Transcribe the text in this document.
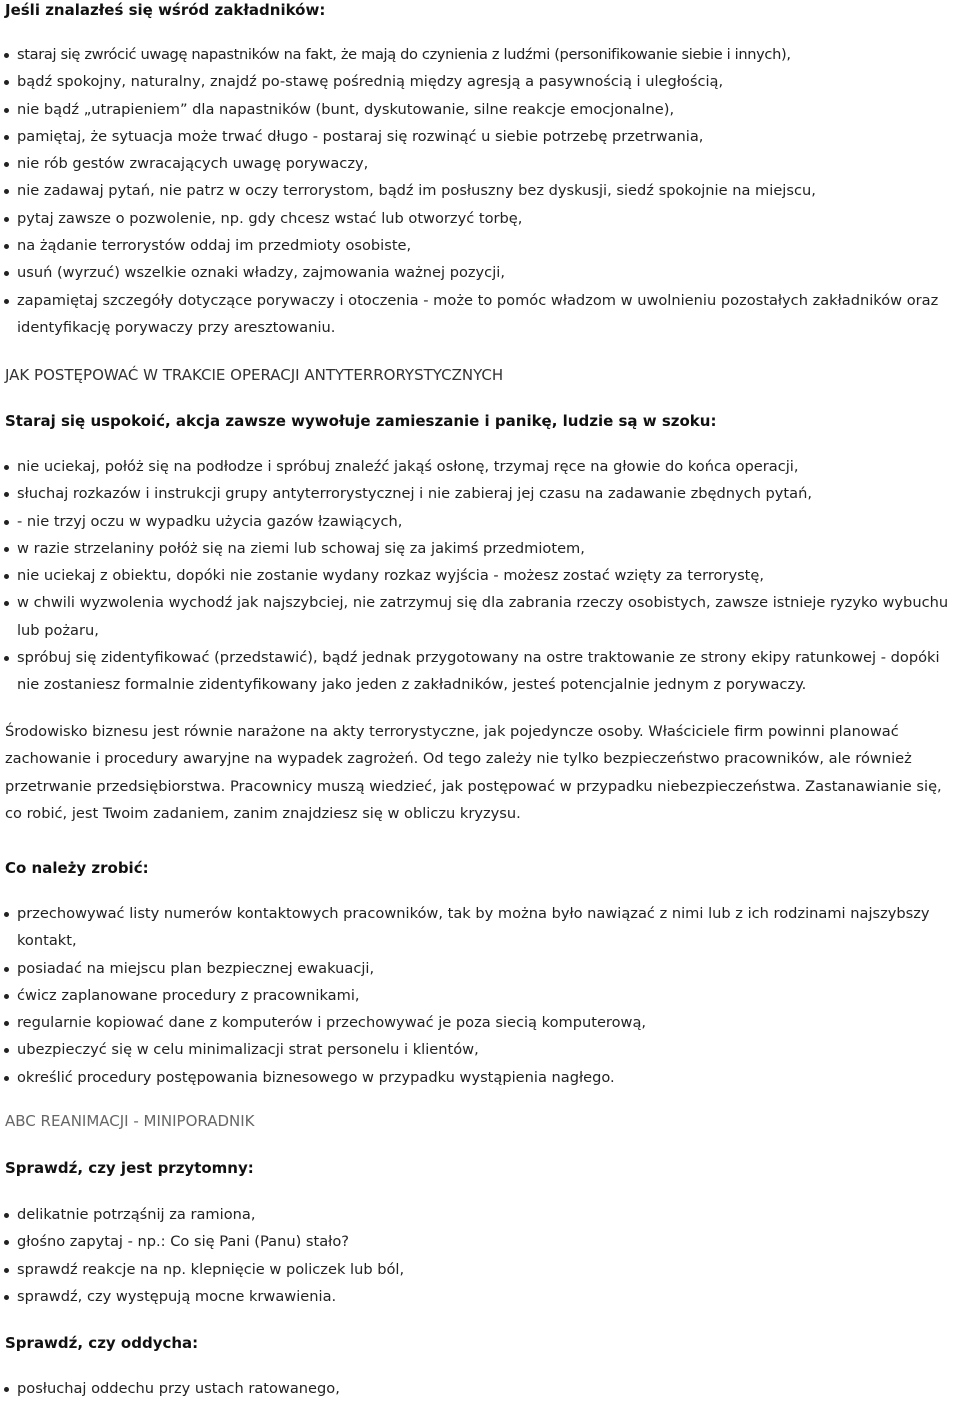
Jeśli znalazłeś się wśród zakładników:
staraj się zwrócić uwagę napastników na fakt, że mają do czynienia z ludźmi (personifikowanie siebie i innych),
bądź spokojny, naturalny, znajdź po-stawę pośrednią między agresją a pasywnością i uległością,
nie bądź „utrapieniem” dla napastników (bunt, dyskutowanie, silne reakcje emocjonalne),
pamiętaj, że sytuacja może trwać długo - postaraj się rozwinąć u siebie potrzebę przetrwania,
nie rób gestów zwracających uwagę porywaczy,
nie zadawaj pytań, nie patrz w oczy terrorystom, bądź im posłuszny bez dyskusji, siedź spokojnie na miejscu,
pytaj zawsze o pozwolenie, np. gdy chcesz wstać lub otworzyć torbę,
na żądanie terrorystów oddaj im przedmioty osobiste,
usuń (wyrzuć) wszelkie oznaki władzy, zajmowania ważnej pozycji,
zapamiętaj szczegóły dotyczące porywaczy i otoczenia - może to pomóc władzom w uwolnieniu pozostałych zakładników oraz identyfikację porywaczy przy aresztowaniu.
JAK POSTĘPOWAĆ W TRAKCIE OPERACJI ANTYTERRORYSTYCZNYCH
Staraj się uspokoić, akcja zawsze wywołuje zamieszanie i panikę, ludzie są w szoku:
nie uciekaj, połóż się na podłodze i spróbuj znaleźć jakąś osłonę, trzymaj ręce na głowie do końca operacji,
słuchaj rozkazów i instrukcji grupy antyterrorystycznej i nie zabieraj jej czasu na zadawanie zbędnych pytań,
- nie trzyj oczu w wypadku użycia gazów łzawiących,
w razie strzelaniny połóż się na ziemi lub schowaj się za jakimś przedmiotem,
nie uciekaj z obiektu, dopóki nie zostanie wydany rozkaz wyjścia - możesz zostać wzięty za terrorystę,
w chwili wyzwolenia wychodź jak najszybciej, nie zatrzymuj się dla zabrania rzeczy osobistych, zawsze istnieje ryzyko wybuchu lub pożaru,
spróbuj się zidentyfikować (przedstawić), bądź jednak przygotowany na ostre traktowanie ze strony ekipy ratunkowej - dopóki nie zostaniesz formalnie zidentyfikowany jako jeden z zakładników, jesteś potencjalnie jednym z porywaczy.

Środowisko biznesu jest równie narażone na akty terrorystyczne, jak pojedyncze osoby. Właściciele firm powinni planować zachowanie i procedury awaryjne na wypadek zagrożeń. Od tego zależy nie tylko bezpieczeństwo pracowników, ale również przetrwanie przedsiębiorstwa. Pracownicy muszą wiedzieć, jak postępować w przypadku niebezpieczeństwa. Zastanawianie się, co robić, jest Twoim zadaniem, zanim znajdziesz się w obliczu kryzysu.

Co należy zrobić:
przechowywać listy numerów kontaktowych pracowników, tak by można było nawiązać z nimi lub z ich rodzinami najszybszy kontakt,
posiadać na miejscu plan bezpiecznej ewakuacji,
ćwicz zaplanowane procedury z pracownikami,
regularnie kopiować dane z komputerów i przechowywać je poza siecią komputerową,
ubezpieczyć się w celu minimalizacji strat personelu i klientów,
określić procedury postępowania biznesowego w przypadku wystąpienia nagłego.
ABC REANIMACJI - MINIPORADNIK
Sprawdź, czy jest przytomny:
delikatnie potrząśnij za ramiona,
głośno zapytaj - np.: Co się Pani (Panu) stało?
sprawdź reakcje na np. klepnięcie w policzek lub ból,
sprawdź, czy występują mocne krwawienia.
Sprawdź, czy oddycha:
posłuchaj oddechu przy ustach ratowanego,
